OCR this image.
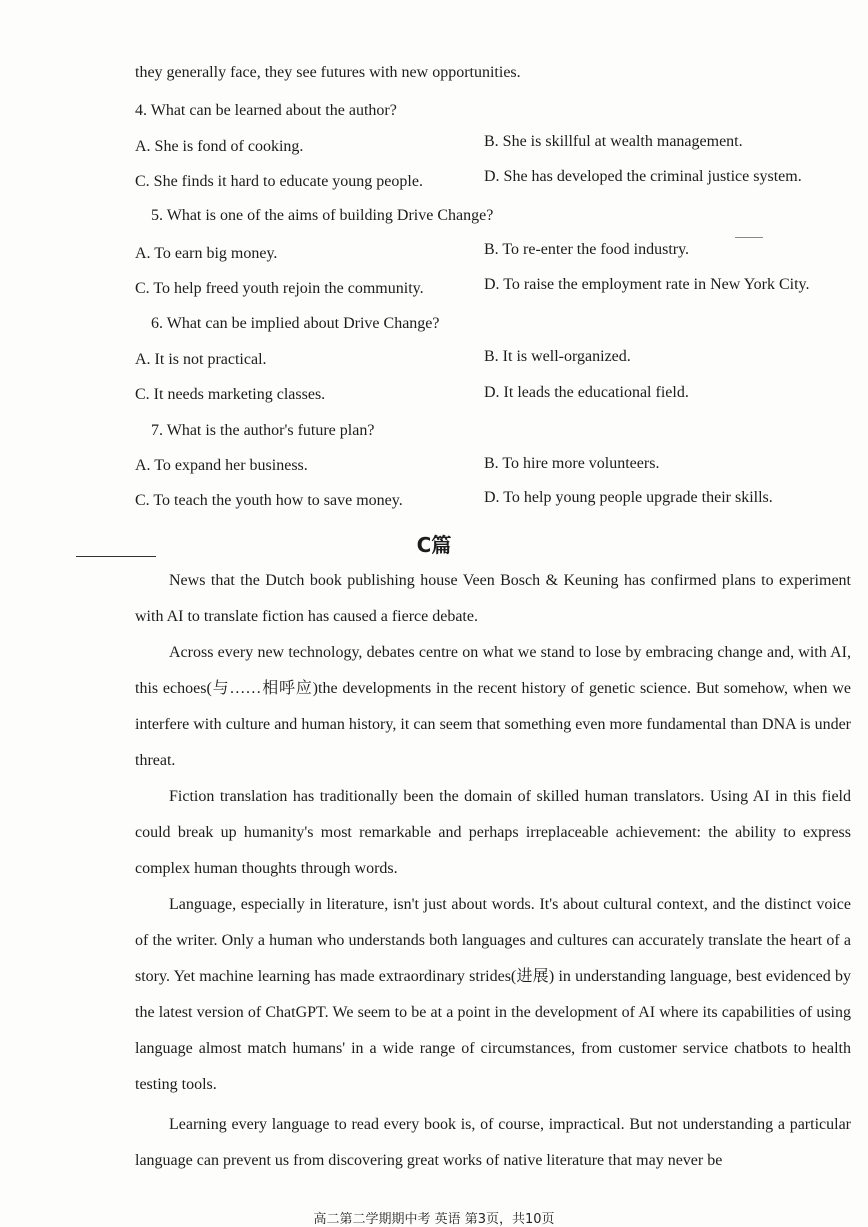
they generally face, they see futures with new opportunities.
4. What can be learned about the author?
A. She is fond of cooking.	B. She is skillful at wealth management.
C. She finds it hard to educate young people.	D. She has developed the criminal justice system.
5. What is one of the aims of building Drive Change?
A. To earn big money.	B. To re-enter the food industry.
C. To help freed youth rejoin the community.	D. To raise the employment rate in New York City.
6. What can be implied about Drive Change?
A. It is not practical.	B. It is well-organized.
C. It needs marketing classes.	D. It leads the educational field.
7. What is the author's future plan?
A. To expand her business.	B. To hire more volunteers.
C. To teach the youth how to save money.	D. To help young people upgrade their skills.
C篇
News that the Dutch book publishing house Veen Bosch & Keuning has confirmed plans to experiment with AI to translate fiction has caused a fierce debate.
Across every new technology, debates centre on what we stand to lose by embracing change and, with AI, this echoes(与……相呼应)the developments in the recent history of genetic science. But somehow, when we interfere with culture and human history, it can seem that something even more fundamental than DNA is under threat.
Fiction translation has traditionally been the domain of skilled human translators. Using AI in this field could break up humanity's most remarkable and perhaps irreplaceable achievement: the ability to express complex human thoughts through words.
Language, especially in literature, isn't just about words. It's about cultural context, and the distinct voice of the writer. Only a human who understands both languages and cultures can accurately translate the heart of a story. Yet machine learning has made extraordinary strides(进展) in understanding language, best evidenced by the latest version of ChatGPT. We seem to be at a point in the development of AI where its capabilities of using language almost match humans' in a wide range of circumstances, from customer service chatbots to health testing tools.
Learning every language to read every book is, of course, impractical. But not understanding a particular language can prevent us from discovering great works of native literature that may never be
高二第二学期期中考 英语 第3页，共10页
